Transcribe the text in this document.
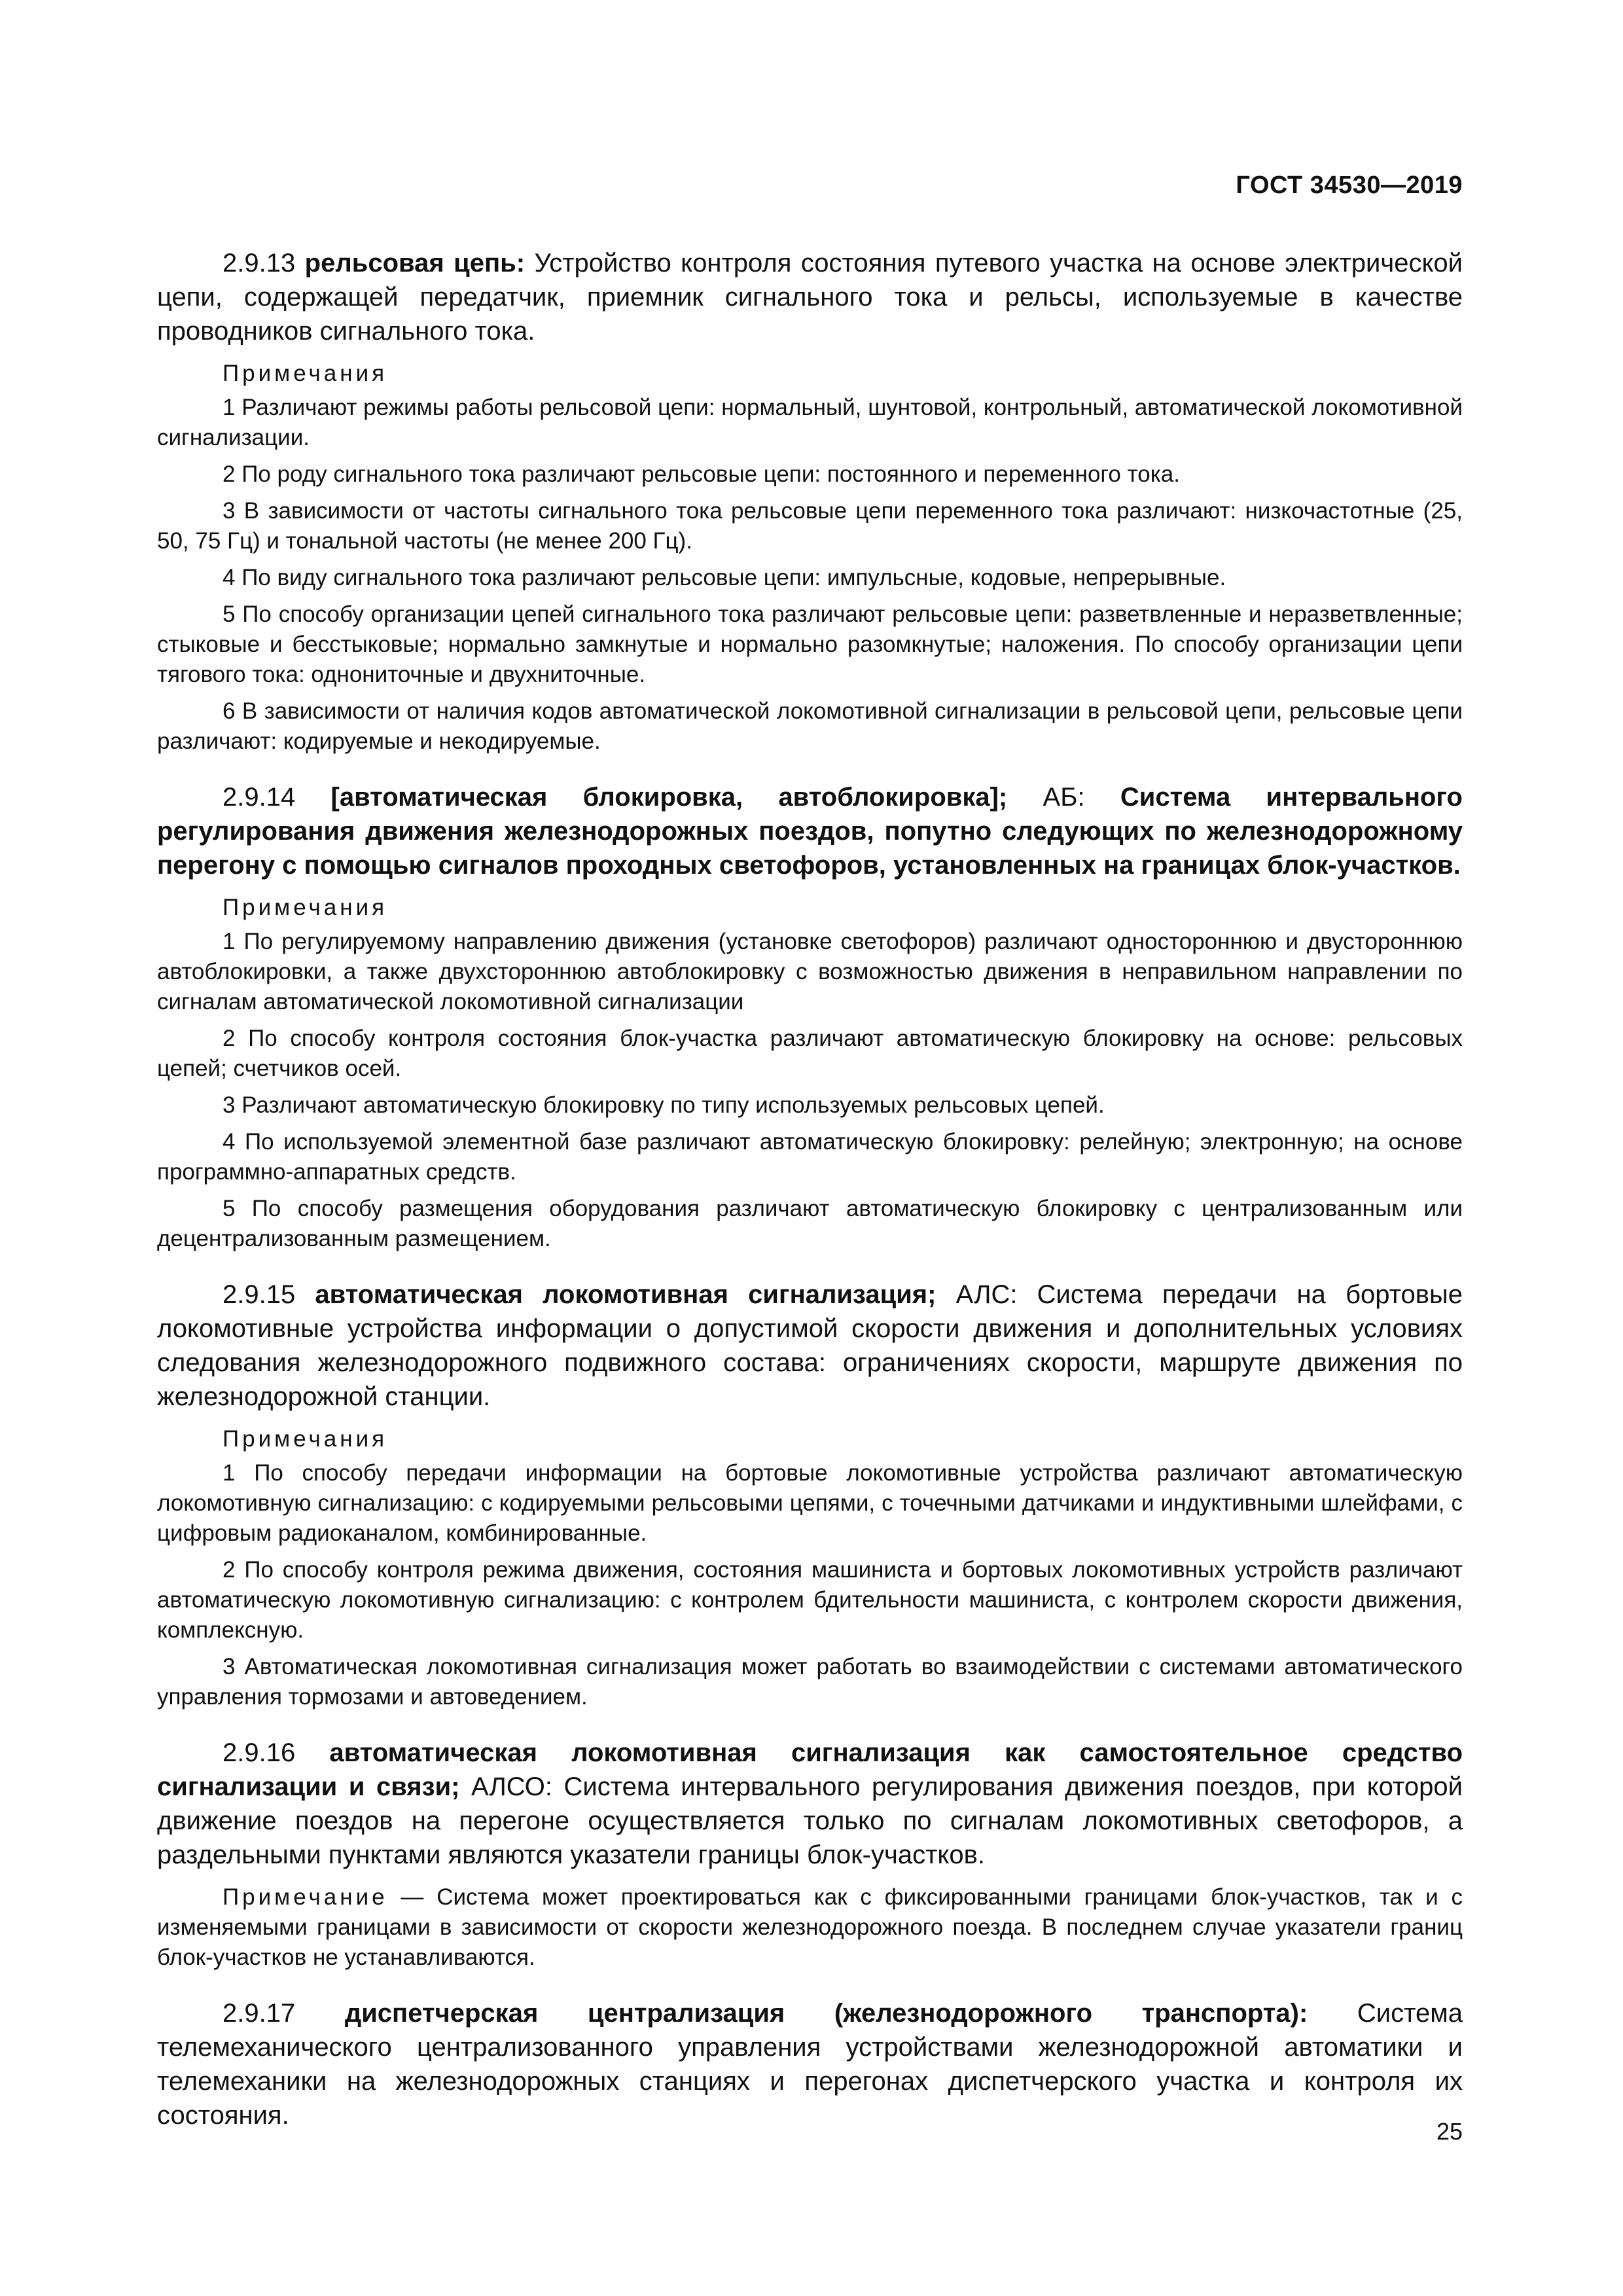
ГОСТ 34530—2019

2.9.13 рельсовая цепь: Устройство контроля состояния путевого участка на основе электрической цепи, содержащей передатчик, приемник сигнального тока и рельсы, используемые в качестве проводников сигнального тока.

Примечания

1 Различают режимы работы рельсовой цепи: нормальный, шунтовой, контрольный, автоматической локомотивной сигнализации.

2 По роду сигнального тока различают рельсовые цепи: постоянного и переменного тока.

3 В зависимости от частоты сигнального тока рельсовые цепи переменного тока различают: низкочастотные (25, 50, 75 Гц) и тональной частоты (не менее 200 Гц).

4 По виду сигнального тока различают рельсовые цепи: импульсные, кодовые, непрерывные.

5 По способу организации цепей сигнального тока различают рельсовые цепи: разветвленные и неразветвленные; стыковые и бесстыковые; нормально замкнутые и нормально разомкнутые; наложения. По способу организации цепи тягового тока: однониточные и двухниточные.

6 В зависимости от наличия кодов автоматической локомотивной сигнализации в рельсовой цепи, рельсовые цепи различают: кодируемые и некодируемые.

2.9.14 [автоматическая блокировка, автоблокировка]; АБ: Система интервального регулирования движения железнодорожных поездов, попутно следующих по железнодорожному перегону с помощью сигналов проходных светофоров, установленных на границах блок-участков.

Примечания

1 По регулируемому направлению движения (установке светофоров) различают одностороннюю и двустороннюю автоблокировки, а также двухстороннюю автоблокировку с возможностью движения в неправильном направлении по сигналам автоматической локомотивной сигнализации

2 По способу контроля состояния блок-участка различают автоматическую блокировку на основе: рельсовых цепей; счетчиков осей.

3 Различают автоматическую блокировку по типу используемых рельсовых цепей.

4 По используемой элементной базе различают автоматическую блокировку: релейную; электронную; на основе программно-аппаратных средств.

5 По способу размещения оборудования различают автоматическую блокировку с централизованным или децентрализованным размещением.

2.9.15 автоматическая локомотивная сигнализация; АЛС: Система передачи на бортовые локомотивные устройства информации о допустимой скорости движения и дополнительных условиях следования железнодорожного подвижного состава: ограничениях скорости, маршруте движения по железнодорожной станции.

Примечания

1 По способу передачи информации на бортовые локомотивные устройства различают автоматическую локомотивную сигнализацию: с кодируемыми рельсовыми цепями, с точечными датчиками и индуктивными шлейфами, с цифровым радиоканалом, комбинированные.

2 По способу контроля режима движения, состояния машиниста и бортовых локомотивных устройств различают автоматическую локомотивную сигнализацию: с контролем бдительности машиниста, с контролем скорости движения, комплексную.

3 Автоматическая локомотивная сигнализация может работать во взаимодействии с системами автоматического управления тормозами и автоведением.

2.9.16 автоматическая локомотивная сигнализация как самостоятельное средство сигнализации и связи; АЛСО: Система интервального регулирования движения поездов, при которой движение поездов на перегоне осуществляется только по сигналам локомотивных светофоров, а раздельными пунктами являются указатели границы блок-участков.

Примечание — Система может проектироваться как с фиксированными границами блок-участков, так и с изменяемыми границами в зависимости от скорости железнодорожного поезда. В последнем случае указатели границ блок-участков не устанавливаются.

2.9.17 диспетчерская централизация (железнодорожного транспорта): Система телемеханического централизованного управления устройствами железнодорожной автоматики и телемеханики на железнодорожных станциях и перегонах диспетчерского участка и контроля их состояния.

25
